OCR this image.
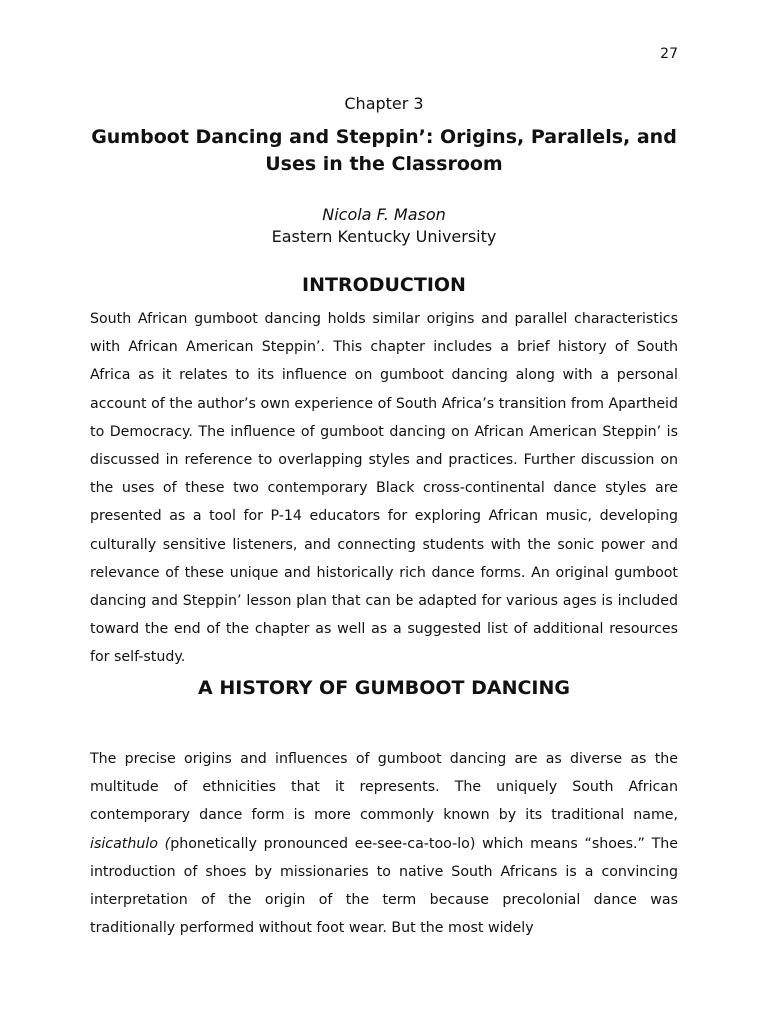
27
Chapter 3
Gumboot Dancing and Steppin’: Origins, Parallels, and Uses in the Classroom
Nicola F. Mason
Eastern Kentucky University
INTRODUCTION

South African gumboot dancing holds similar origins and parallel characteristics with African American Steppin’. This chapter includes a brief history of South Africa as it relates to its influence on gumboot dancing along with a personal account of the author’s own experience of South Africa’s transition from Apartheid to Democracy. The influence of gumboot dancing on African American Steppin’ is discussed in reference to overlapping styles and practices. Further discussion on the uses of these two contemporary Black cross-continental dance styles are presented as a tool for P-14 educators for exploring African music, developing culturally sensitive listeners, and connecting students with the sonic power and relevance of these unique and historically rich dance forms. An original gumboot dancing and Steppin’ lesson plan that can be adapted for various ages is included toward the end of the chapter as well as a suggested list of additional resources for self-study.

A HISTORY OF GUMBOOT DANCING

The precise origins and influences of gumboot dancing are as diverse as the multitude of ethnicities that it represents. The uniquely South African contemporary dance form is more commonly known by its traditional name, isicathulo (phonetically pronounced ee-see-ca-too-lo) which means “shoes.” The introduction of shoes by missionaries to native South Africans is a convincing interpretation of the origin of the term because precolonial dance was traditionally performed without foot wear. But the most widely
